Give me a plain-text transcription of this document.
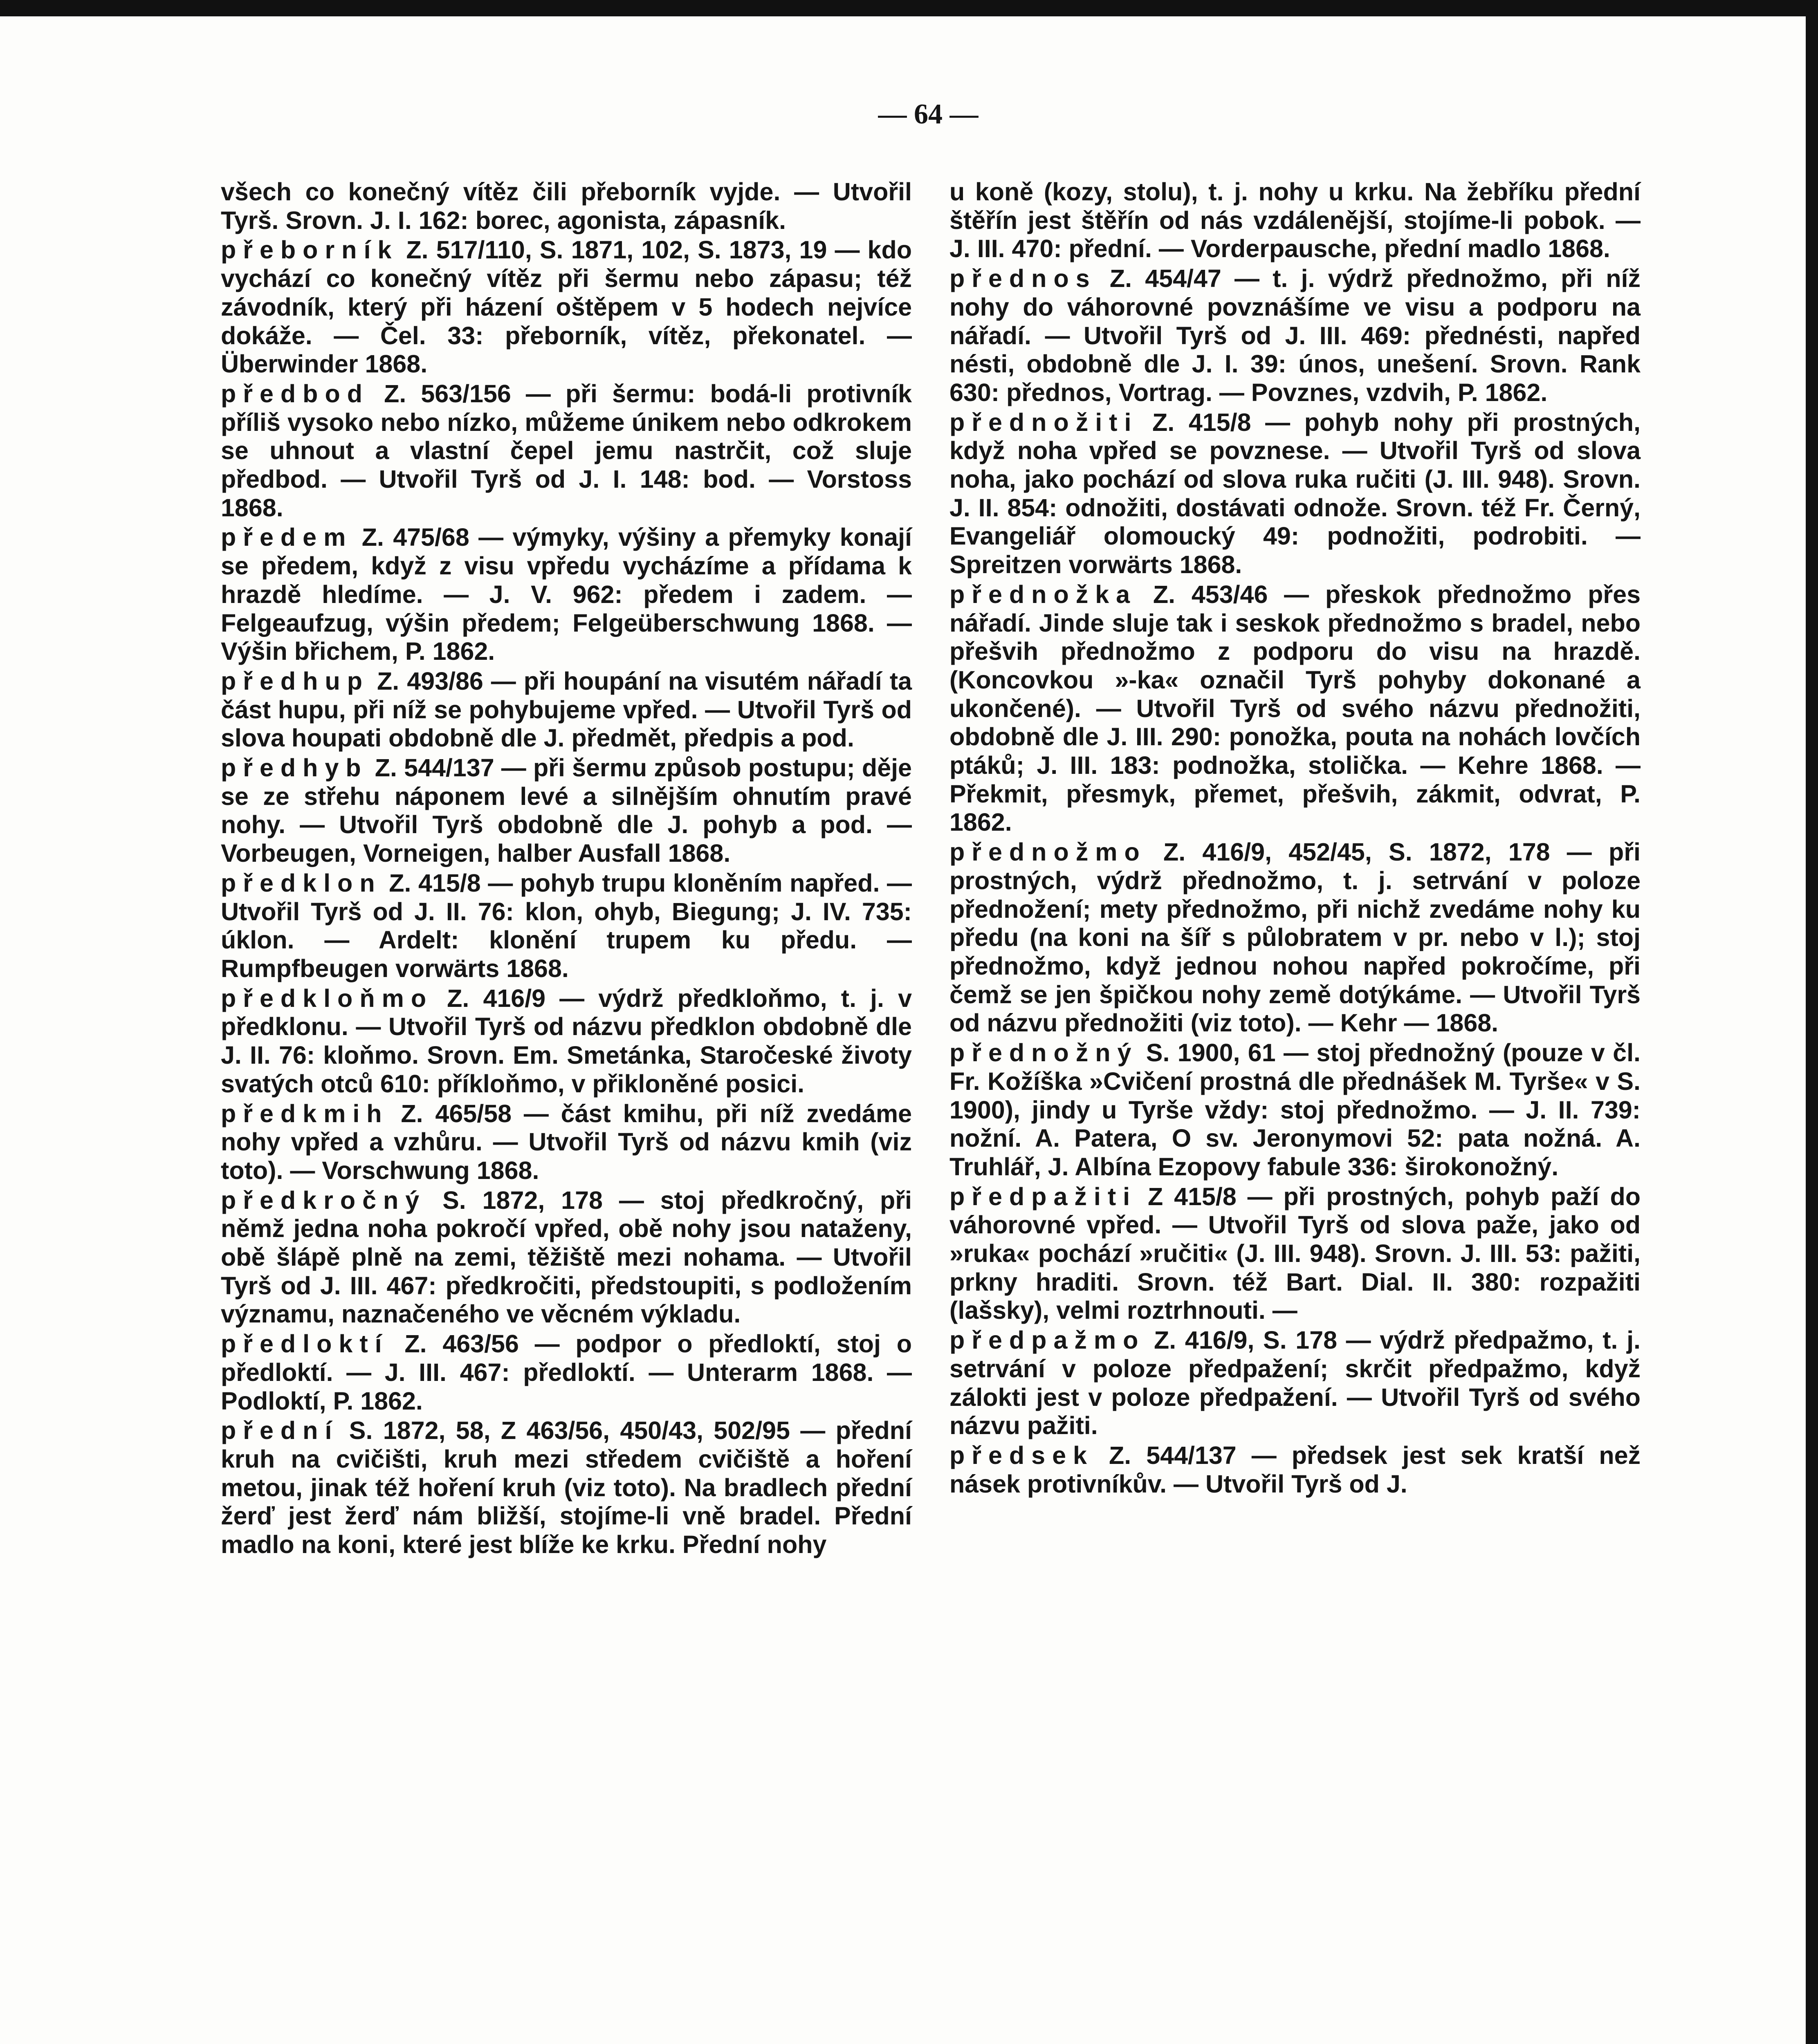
— 64 —
všech co konečný vítěz čili přeborník vyjde. — Utvořil Tyrš. Srovn. J. I. 162: borec, agonista, zápasník.
přeborník Z. 517/110, S. 1871, 102, S. 1873, 19 — kdo vychází co konečný vítěz při šermu nebo zápasu; též závodník, který při házení oštěpem v 5 hodech nejvíce dokáže. — Čel. 33: přeborník, vítěz, překonatel. — Überwinder 1868.
předbod Z. 563/156 — při šermu: bodá-li protivník příliš vysoko nebo nízko, můžeme únikem nebo odkrokem se uhnout a vlastní čepel jemu nastrčit, což sluje předbod. — Utvořil Tyrš od J. I. 148: bod. — Vorstoss 1868.
předem Z. 475/68 — výmyky, výšiny a přemyky konají se předem, když z visu vpředu vycházíme a přídama k hrazdě hledíme. — J. V. 962: předem i zadem. — Felgeaufzug, výšin předem; Felgeüberschwung 1868. — Výšin břichem, P. 1862.
předhup Z. 493/86 — při houpání na visutém nářadí ta část hupu, při níž se pohybujeme vpřed. — Utvořil Tyrš od slova houpati obdobně dle J. předmět, předpis a pod.
předhyb Z. 544/137 — při šermu způsob postupu; děje se ze střehu náponem levé a silnějším ohnutím pravé nohy. — Utvořil Tyrš obdobně dle J. pohyb a pod. — Vorbeugen, Vorneigen, halber Ausfall 1868.
předklon Z. 415/8 — pohyb trupu kloněním napřed. — Utvořil Tyrš od J. II. 76: klon, ohyb, Biegung; J. IV. 735: úklon. — Ardelt: klonění trupem ku předu. — Rumpfbeugen vorwärts 1868.
předkloňmo Z. 416/9 — výdrž předkloňmo, t. j. v předklonu. — Utvořil Tyrš od názvu předklon obdobně dle J. II. 76: kloňmo. Srovn. Em. Smetánka, Staročeské životy svatých otců 610: příkloňmo, v přikloněné posici.
předkmih Z. 465/58 — část kmihu, při níž zvedáme nohy vpřed a vzhůru. — Utvořil Tyrš od názvu kmih (viz toto). — Vorschwung 1868.
předkročný S. 1872, 178 — stoj předkročný, při němž jedna noha pokročí vpřed, obě nohy jsou nataženy, obě šlápě plně na zemi, těžiště mezi nohama. — Utvořil Tyrš od J. III. 467: předkročiti, předstoupiti, s podložením významu, naznačeného ve věcném výkladu.
předloktí Z. 463/56 — podpor o předloktí, stoj o předloktí. — J. III. 467: předloktí. — Unterarm 1868. — Podloktí, P. 1862.
přední S. 1872, 58, Z 463/56, 450/43, 502/95 — přední kruh na cvičišti, kruh mezi středem cvičiště a hoření metou, jinak též hoření kruh (viz toto). Na bradlech přední žerď jest žerď nám bližší, stojíme-li vně bradel. Přední madlo na koni, které jest blíže ke krku. Přední nohy
u koně (kozy, stolu), t. j. nohy u krku. Na žebříku přední štěřín jest štěřín od nás vzdálenější, stojíme-li pobok. — J. III. 470: přední. — Vorderpausche, přední madlo 1868.
přednos Z. 454/47 — t. j. výdrž přednožmo, při níž nohy do váhorovné povznášíme ve visu a podporu na nářadí. — Utvořil Tyrš od J. III. 469: přednésti, napřed nésti, obdobně dle J. I. 39: únos, unešení. Srovn. Rank 630: přednos, Vortrag. — Povznes, vzdvih, P. 1862.
přednožiti Z. 415/8 — pohyb nohy při prostných, když noha vpřed se povznese. — Utvořil Tyrš od slova noha, jako pochází od slova ruka ručiti (J. III. 948). Srovn. J. II. 854: odnožiti, dostávati odnože. Srovn. též Fr. Černý, Evangeliář olomoucký 49: podnožiti, podrobiti. — Spreitzen vorwärts 1868.
přednožka Z. 453/46 — přeskok přednožmo přes nářadí. Jinde sluje tak i seskok přednožmo s bradel, nebo přešvih přednožmo z podporu do visu na hrazdě. (Koncovkou »-ka« označil Tyrš pohyby dokonané a ukončené). — Utvořil Tyrš od svého názvu přednožiti, obdobně dle J. III. 290: ponožka, pouta na nohách lovčích ptáků; J. III. 183: podnožka, stolička. — Kehre 1868. — Překmit, přesmyk, přemet, přešvih, zákmit, odvrat, P. 1862.
přednožmo Z. 416/9, 452/45, S. 1872, 178 — při prostných, výdrž přednožmo, t. j. setrvání v poloze přednožení; mety přednožmo, při nichž zvedáme nohy ku předu (na koni na šíř s půlobratem v pr. nebo v l.); stoj přednožmo, když jednou nohou napřed pokročíme, při čemž se jen špičkou nohy země dotýkáme. — Utvořil Tyrš od názvu přednožiti (viz toto). — Kehr — 1868.
přednožný S. 1900, 61 — stoj přednožný (pouze v čl. Fr. Kožíška »Cvičení prostná dle přednášek M. Tyrše« v S. 1900), jindy u Tyrše vždy: stoj přednožmo. — J. II. 739: nožní. A. Patera, O sv. Jeronymovi 52: pata nožná. A. Truhlář, J. Albína Ezopovy fabule 336: širokonožný.
předpažiti Z 415/8 — při prostných, pohyb paží do váhorovné vpřed. — Utvořil Tyrš od slova paže, jako od »ruka« pochází »ručiti« (J. III. 948). Srovn. J. III. 53: pažiti, prkny hraditi. Srovn. též Bart. Dial. II. 380: rozpažiti (lašsky), velmi roztrhnouti. —
předpažmo Z. 416/9, S. 178 — výdrž předpažmo, t. j. setrvání v poloze předpažení; skrčit předpažmo, když zálokti jest v poloze předpažení. — Utvořil Tyrš od svého názvu pažiti.
předsek Z. 544/137 — předsek jest sek kratší než násek protivníkův. — Utvořil Tyrš od J.
